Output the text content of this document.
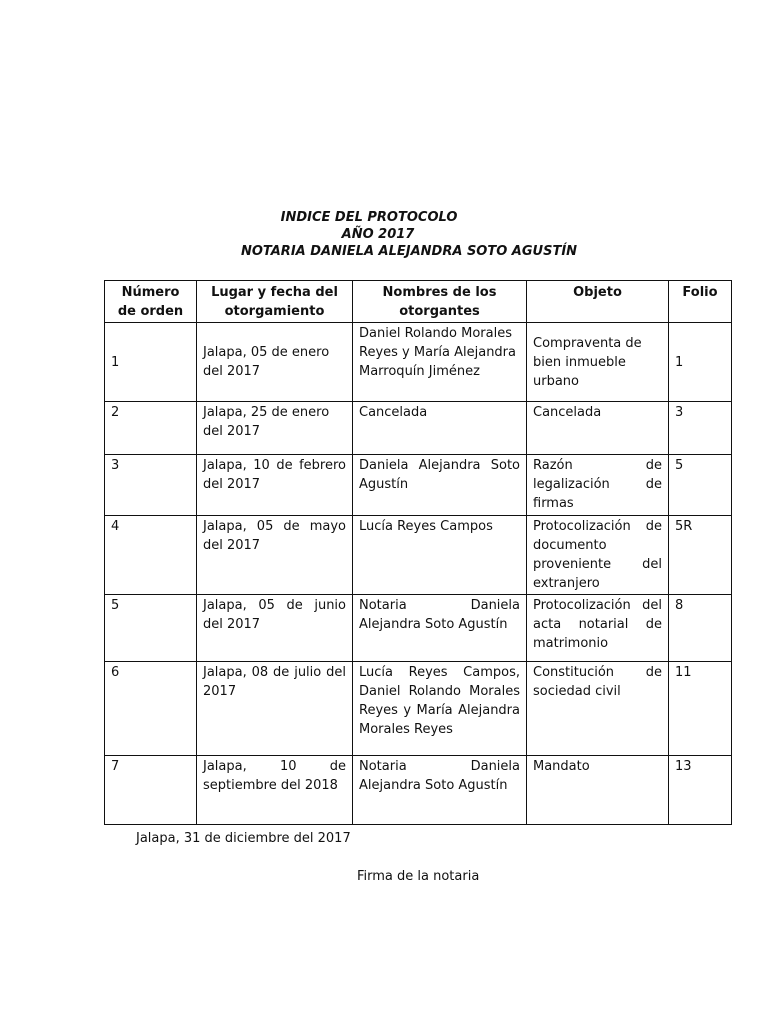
INDICE DEL PROTOCOLO
AÑO 2017
NOTARIA DANIELA ALEJANDRA SOTO AGUSTÍN
Número de orden	Lugar y fecha del otorgamiento	Nombres de los otorgantes	Objeto	Folio
1	Jalapa, 05 de enero del 2017	Daniel Rolando Morales Reyes y María Alejandra Marroquín Jiménez	Compraventa de bien inmueble urbano	1
2	Jalapa, 25 de enero del 2017	Cancelada	Cancelada	3
3	Jalapa, 10 de febrero del 2017	Daniela Alejandra Soto Agustín	Razón de legalización de firmas	5
4	Jalapa, 05 de mayo del 2017	Lucía Reyes Campos	Protocolización de documento proveniente del extranjero	5R
5	Jalapa, 05 de junio del 2017	Notaria Daniela Alejandra Soto Agustín	Protocolización del acta notarial de matrimonio	8
6	Jalapa, 08 de julio del 2017	Lucía Reyes Campos, Daniel Rolando Morales Reyes y María Alejandra Morales Reyes	Constitución de sociedad civil	11
7	Jalapa, 10 de septiembre del 2018	Notaria Daniela Alejandra Soto Agustín	Mandato	13
Jalapa, 31 de diciembre del 2017
Firma de la notaria
